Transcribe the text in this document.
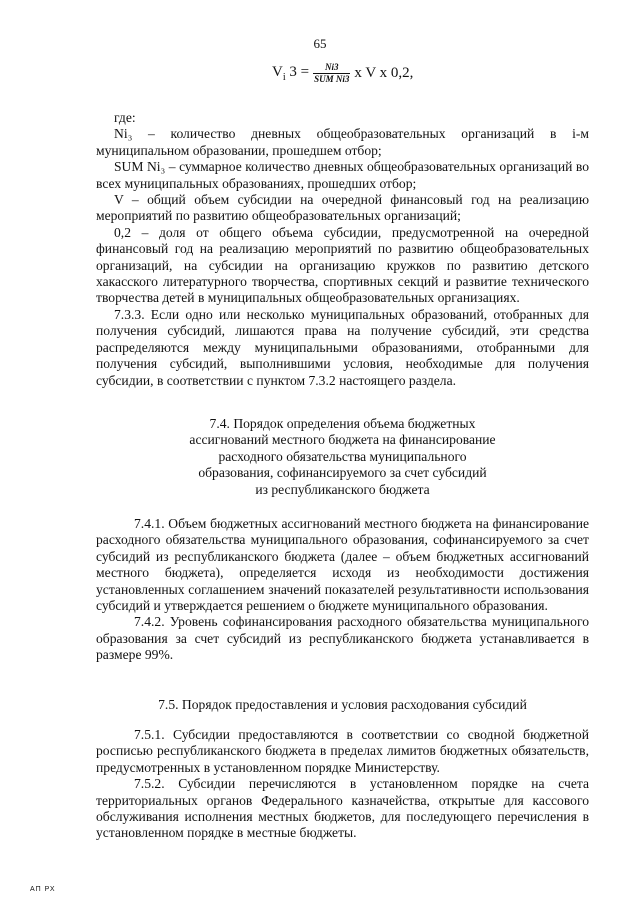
65
$V_i$ $3 = \frac{Ni3}{\text{SUM Ni3}}$ x V x 0,2,

где:

Ni₃ – количество дневных общеобразовательных организаций в i-м муниципальном образовании, прошедшем отбор;

SUM Ni₃ – суммарное количество дневных общеобразовательных организаций во всех муниципальных образованиях, прошедших отбор;

V – общий объем субсидии на очередной финансовый год на реализацию мероприятий по развитию общеобразовательных организаций;

0,2 – доля от общего объема субсидии, предусмотренной на очередной финансовый год на реализацию мероприятий по развитию общеобразовательных организаций, на субсидии на организацию кружков по развитию детского хакасского литературного творчества, спортивных секций и развитие технического творчества детей в муниципальных общеобразовательных организациях.

7.3.3. Если одно или несколько муниципальных образований, отобранных для получения субсидий, лишаются права на получение субсидий, эти средства распределяются между муниципальными образованиями, отобранными для получения субсидий, выполнившими условия, необходимые для получения субсидии, в соответствии с пунктом 7.3.2 настоящего раздела.

7.4. Порядок определения объема бюджетных

ассигнований местного бюджета на финансирование

расходного обязательства муниципального

образования, софинансируемого за счет субсидий

из республиканского бюджета

7.4.1. Объем бюджетных ассигнований местного бюджета на финансирование расходного обязательства муниципального образования, софинансируемого за счет субсидий из республиканского бюджета (далее – объем бюджетных ассигнований местного бюджета), определяется исходя из необходимости достижения установленных соглашением значений показателей результативности использования субсидий и утверждается решением о бюджете муниципального образования.

7.4.2. Уровень софинансирования расходного обязательства муниципального образования за счет субсидий из республиканского бюджета устанавливается в размере 99%.

7.5. Порядок предоставления и условия расходования субсидий

7.5.1. Субсидии предоставляются в соответствии со сводной бюджетной росписью республиканского бюджета в пределах лимитов бюджетных обязательств, предусмотренных в установленном порядке Министерству.

7.5.2. Субсидии перечисляются в установленном порядке на счета территориальных органов Федерального казначейства, открытые для кассового обслуживания исполнения местных бюджетов, для последующего перечисления в установленном порядке в местные бюджеты.

АП РХ
